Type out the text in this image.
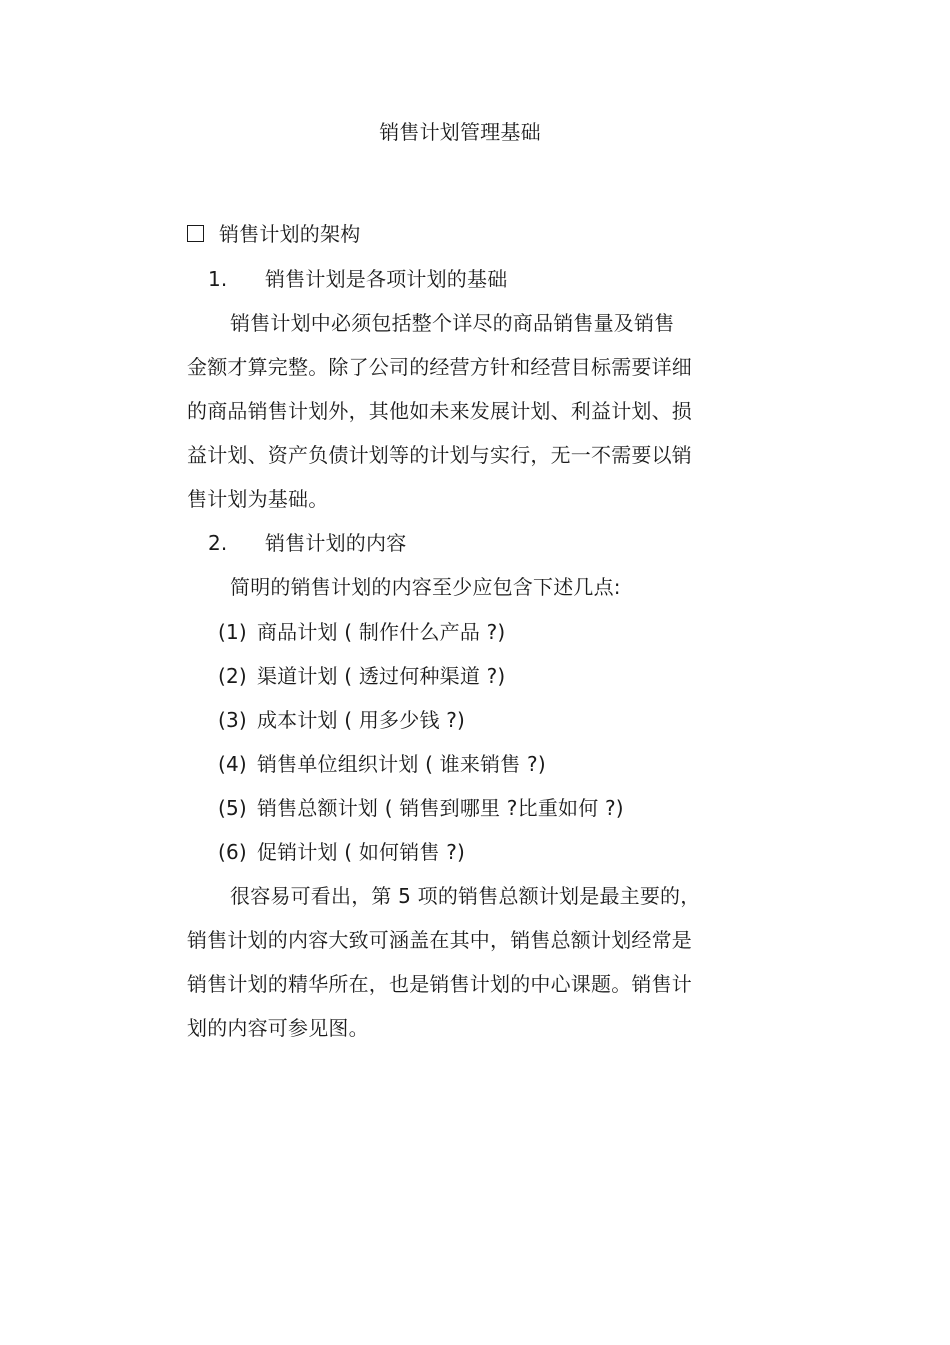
销售计划管理基础
销售计划的架构
1. 销售计划是各项计划的基础
销售计划中必须包括整个详尽的商品销售量及销售
金额才算完整。除了公司的经营方针和经营目标需要详细
的商品销售计划外，其他如未来发展计划、利益计划、损
益计划、资产负债计划等的计划与实行，无一不需要以销
售计划为基础。
2. 销售计划的内容
简明的销售计划的内容至少应包含下述几点:
(1) 商品计划 ( 制作什么产品 ?)
(2) 渠道计划 ( 透过何种渠道 ?)
(3) 成本计划 ( 用多少钱 ?)
(4) 销售单位组织计划 ( 谁来销售 ?)
(5) 销售总额计划 ( 销售到哪里 ?比重如何 ?)
(6) 促销计划 ( 如何销售 ?)
很容易可看出，第 5 项的销售总额计划是最主要的，
销售计划的内容大致可涵盖在其中，销售总额计划经常是
销售计划的精华所在，也是销售计划的中心课题。销售计
划的内容可参见图。
